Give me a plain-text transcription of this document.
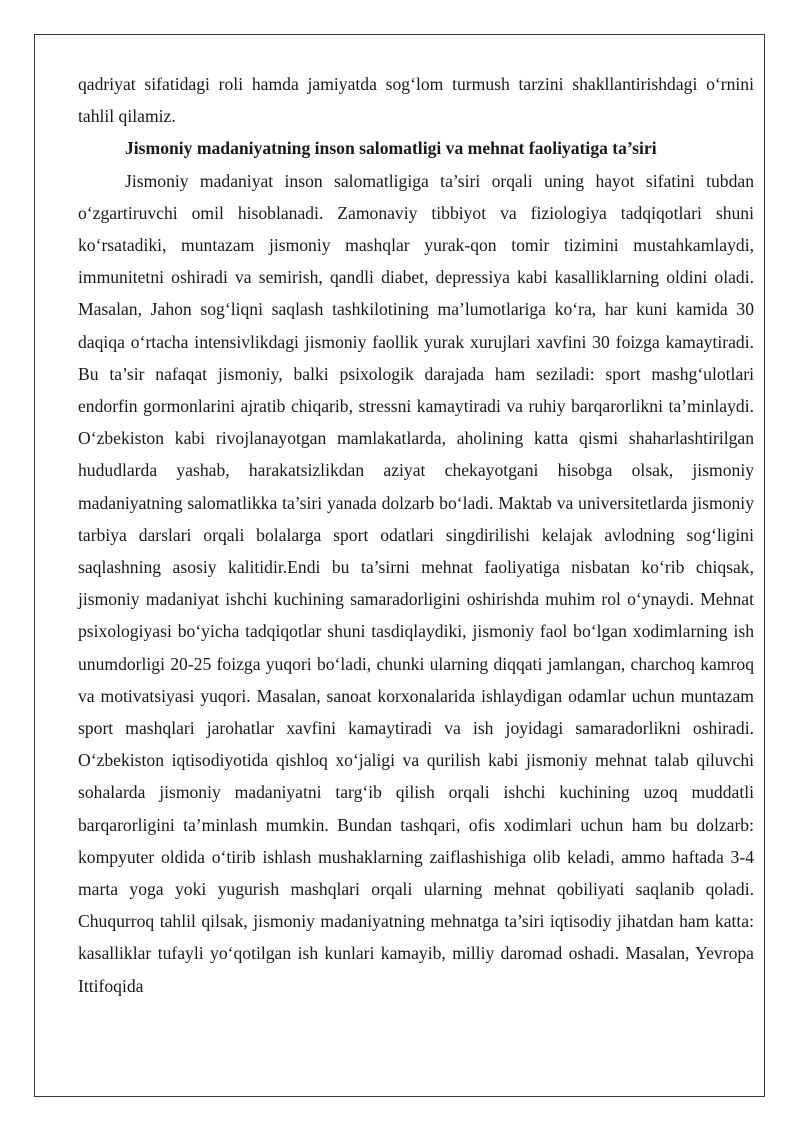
qadriyat sifatidagi roli hamda jamiyatda sog‘lom turmush tarzini shakllantirishdagi o‘rnini tahlil qilamiz.

Jismoniy madaniyatning inson salomatligi va mehnat faoliyatiga ta’siri

Jismoniy madaniyat inson salomatligiga ta’siri orqali uning hayot sifatini tubdan o‘zgartiruvchi omil hisoblanadi. Zamonaviy tibbiyot va fiziologiya tadqiqotlari shuni ko‘rsatadiki, muntazam jismoniy mashqlar yurak-qon tomir tizimini mustahkamlaydi, immunitetni oshiradi va semirish, qandli diabet, depressiya kabi kasalliklarning oldini oladi. Masalan, Jahon sog‘liqni saqlash tashkilotining ma’lumotlariga ko‘ra, har kuni kamida 30 daqiqa o‘rtacha intensivlikdagi jismoniy faollik yurak xurujlari xavfini 30 foizga kamaytiradi. Bu ta’sir nafaqat jismoniy, balki psixologik darajada ham seziladi: sport mashg‘ulotlari endorfin gormonlarini ajratib chiqarib, stressni kamaytiradi va ruhiy barqarorlikni ta’minlaydi. O‘zbekiston kabi rivojlanayotgan mamlakatlarda, aholining katta qismi shaharlashtirilgan hududlarda yashab, harakatsizlikdan aziyat chekayotgani hisobga olsak, jismoniy madaniyatning salomatlikka ta’siri yanada dolzarb bo‘ladi. Maktab va universitetlarda jismoniy tarbiya darslari orqali bolalarga sport odatlari singdirilishi kelajak avlodning sog‘ligini saqlashning asosiy kalitidir.Endi bu ta’sirni mehnat faoliyatiga nisbatan ko‘rib chiqsak, jismoniy madaniyat ishchi kuchining samaradorligini oshirishda muhim rol o‘ynaydi. Mehnat psixologiyasi bo‘yicha tadqiqotlar shuni tasdiqlaydiki, jismoniy faol bo‘lgan xodimlarning ish unumdorligi 20-25 foizga yuqori bo‘ladi, chunki ularning diqqati jamlangan, charchoq kamroq va motivatsiyasi yuqori. Masalan, sanoat korxonalarida ishlaydigan odamlar uchun muntazam sport mashqlari jarohatlar xavfini kamaytiradi va ish joyidagi samaradorlikni oshiradi. O‘zbekiston iqtisodiyotida qishloq xo‘jaligi va qurilish kabi jismoniy mehnat talab qiluvchi sohalarda jismoniy madaniyatni targ‘ib qilish orqali ishchi kuchining uzoq muddatli barqarorligini ta’minlash mumkin. Bundan tashqari, ofis xodimlari uchun ham bu dolzarb: kompyuter oldida o‘tirib ishlash mushaklarning zaiflashishiga olib keladi, ammo haftada 3-4 marta yoga yoki yugurish mashqlari orqali ularning mehnat qobiliyati saqlanib qoladi. Chuqurroq tahlil qilsak, jismoniy madaniyatning mehnatga ta’siri iqtisodiy jihatdan ham katta: kasalliklar tufayli yo‘qotilgan ish kunlari kamayib, milliy daromad oshadi. Masalan, Yevropa Ittifoqida
